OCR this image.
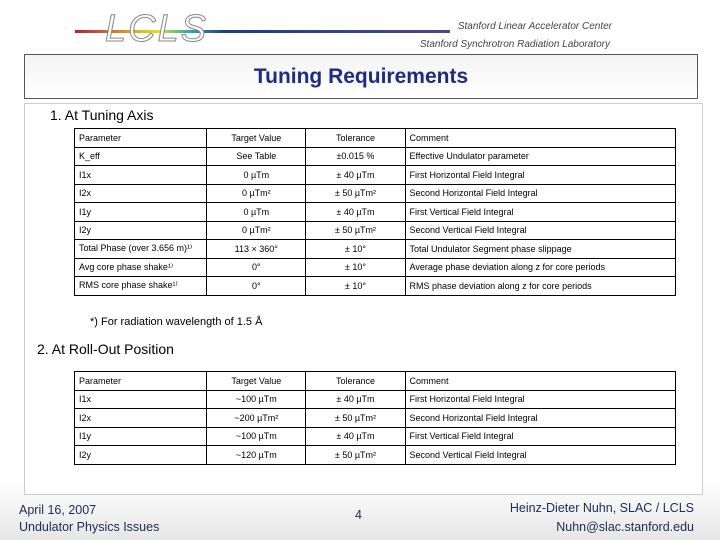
LCLS	Stanford Linear Accelerator Center
Stanford Synchrotron Radiation Laboratory
Tuning Requirements
1. At Tuning Axis
Parameter	Target Value	Tolerance	Comment
K_eff	See Table	±0.015 %	Effective Undulator parameter
I1x	0 µTm	± 40 µTm	First Horizontal Field Integral
I2x	0 µTm²	± 50 µTm²	Second Horizontal Field Integral
I1y	0 µTm	± 40 µTm	First Vertical Field Integral
I2y	0 µTm²	± 50 µTm²	Second Vertical Field Integral
Total Phase (over 3.656 m)¹⁾	113 × 360°	± 10°	Total Undulator Segment phase slippage
Avg core phase shake¹⁾	0°	± 10°	Average phase deviation along z for core periods
RMS core phase shake¹⁾	0°	± 10°	RMS phase deviation along z for core periods
*) For radiation wavelength of 1.5 Å
2. At Roll-Out Position
Parameter	Target Value	Tolerance	Comment
I1x	~100 µTm	± 40 µTm	First Horizontal Field Integral
I2x	~200 µTm²	± 50 µTm²	Second Horizontal Field Integral
I1y	~100 µTm	± 40 µTm	First Vertical Field Integral
I2y	~120 µTm	± 50 µTm²	Second Vertical Field Integral
April 16, 2007
Undulator Physics Issues
4	Heinz-Dieter Nuhn, SLAC / LCLS
Nuhn@slac.stanford.edu
